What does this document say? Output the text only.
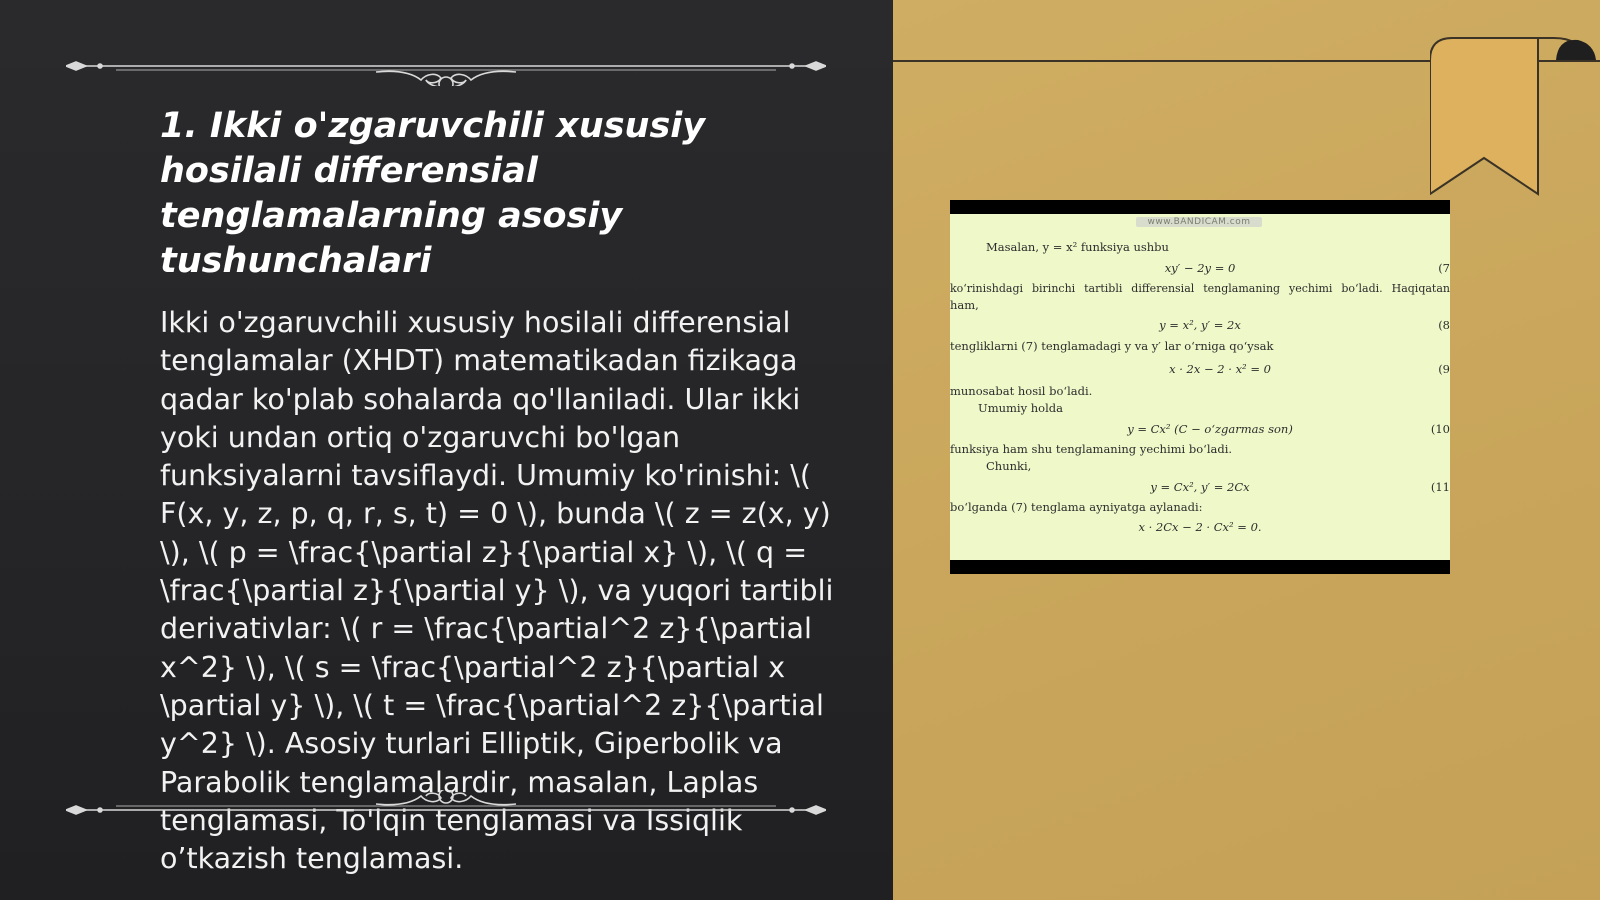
1. Ikki o'zgaruvchili xususiy hosilali differensial tenglamalarning asosiy tushunchalari

Ikki o'zgaruvchili xususiy hosilali differensial tenglamalar (XHDT) matematikadan fizikaga qadar ko'plab sohalarda qo'llaniladi. Ular ikki yoki undan ortiq o'zgaruvchi bo'lgan funksiyalarni tavsiflaydi. Umumiy ko'rinishi: \( F(x, y, z, p, q, r, s, t) = 0 \), bunda \( z = z(x, y) \), \( p = \frac{\partial z}{\partial x} \), \( q = \frac{\partial z}{\partial y} \), va yuqori tartibli derivativlar: \( r = \frac{\partial^2 z}{\partial x^2} \), \( s = \frac{\partial^2 z}{\partial x \partial y} \), \( t = \frac{\partial^2 z}{\partial y^2} \). Asosiy turlari Elliptik, Giperbolik va Parabolik tenglamalardir, masalan, Laplas tenglamasi, To'lqin tenglamasi va Issiqlik o’tkazish tenglamasi.

www.BANDICAM.com
Masalan, y = x² funksiya ushbu
xy′ − 2y = 0	(7
ko‘rinishdagi birinchi tartibli differensial tenglamaning yechimi bo‘ladi. Haqiqatan
ham,
y = x², y′ = 2x	(8
tengliklarni (7) tenglamadagi y va y′ lar o‘rniga qo‘ysak
x · 2x − 2 · x² = 0	(9
munosabat hosil bo‘ladi.
Umumiy holda
y = Cx² (C − o‘zgarmas son)	(10
funksiya ham shu tenglamaning yechimi bo‘ladi.
Chunki,
y = Cx², y′ = 2Cx	(11
bo‘lganda (7) tenglama ayniyatga aylanadi:
x · 2Cx − 2 · Cx² = 0.
